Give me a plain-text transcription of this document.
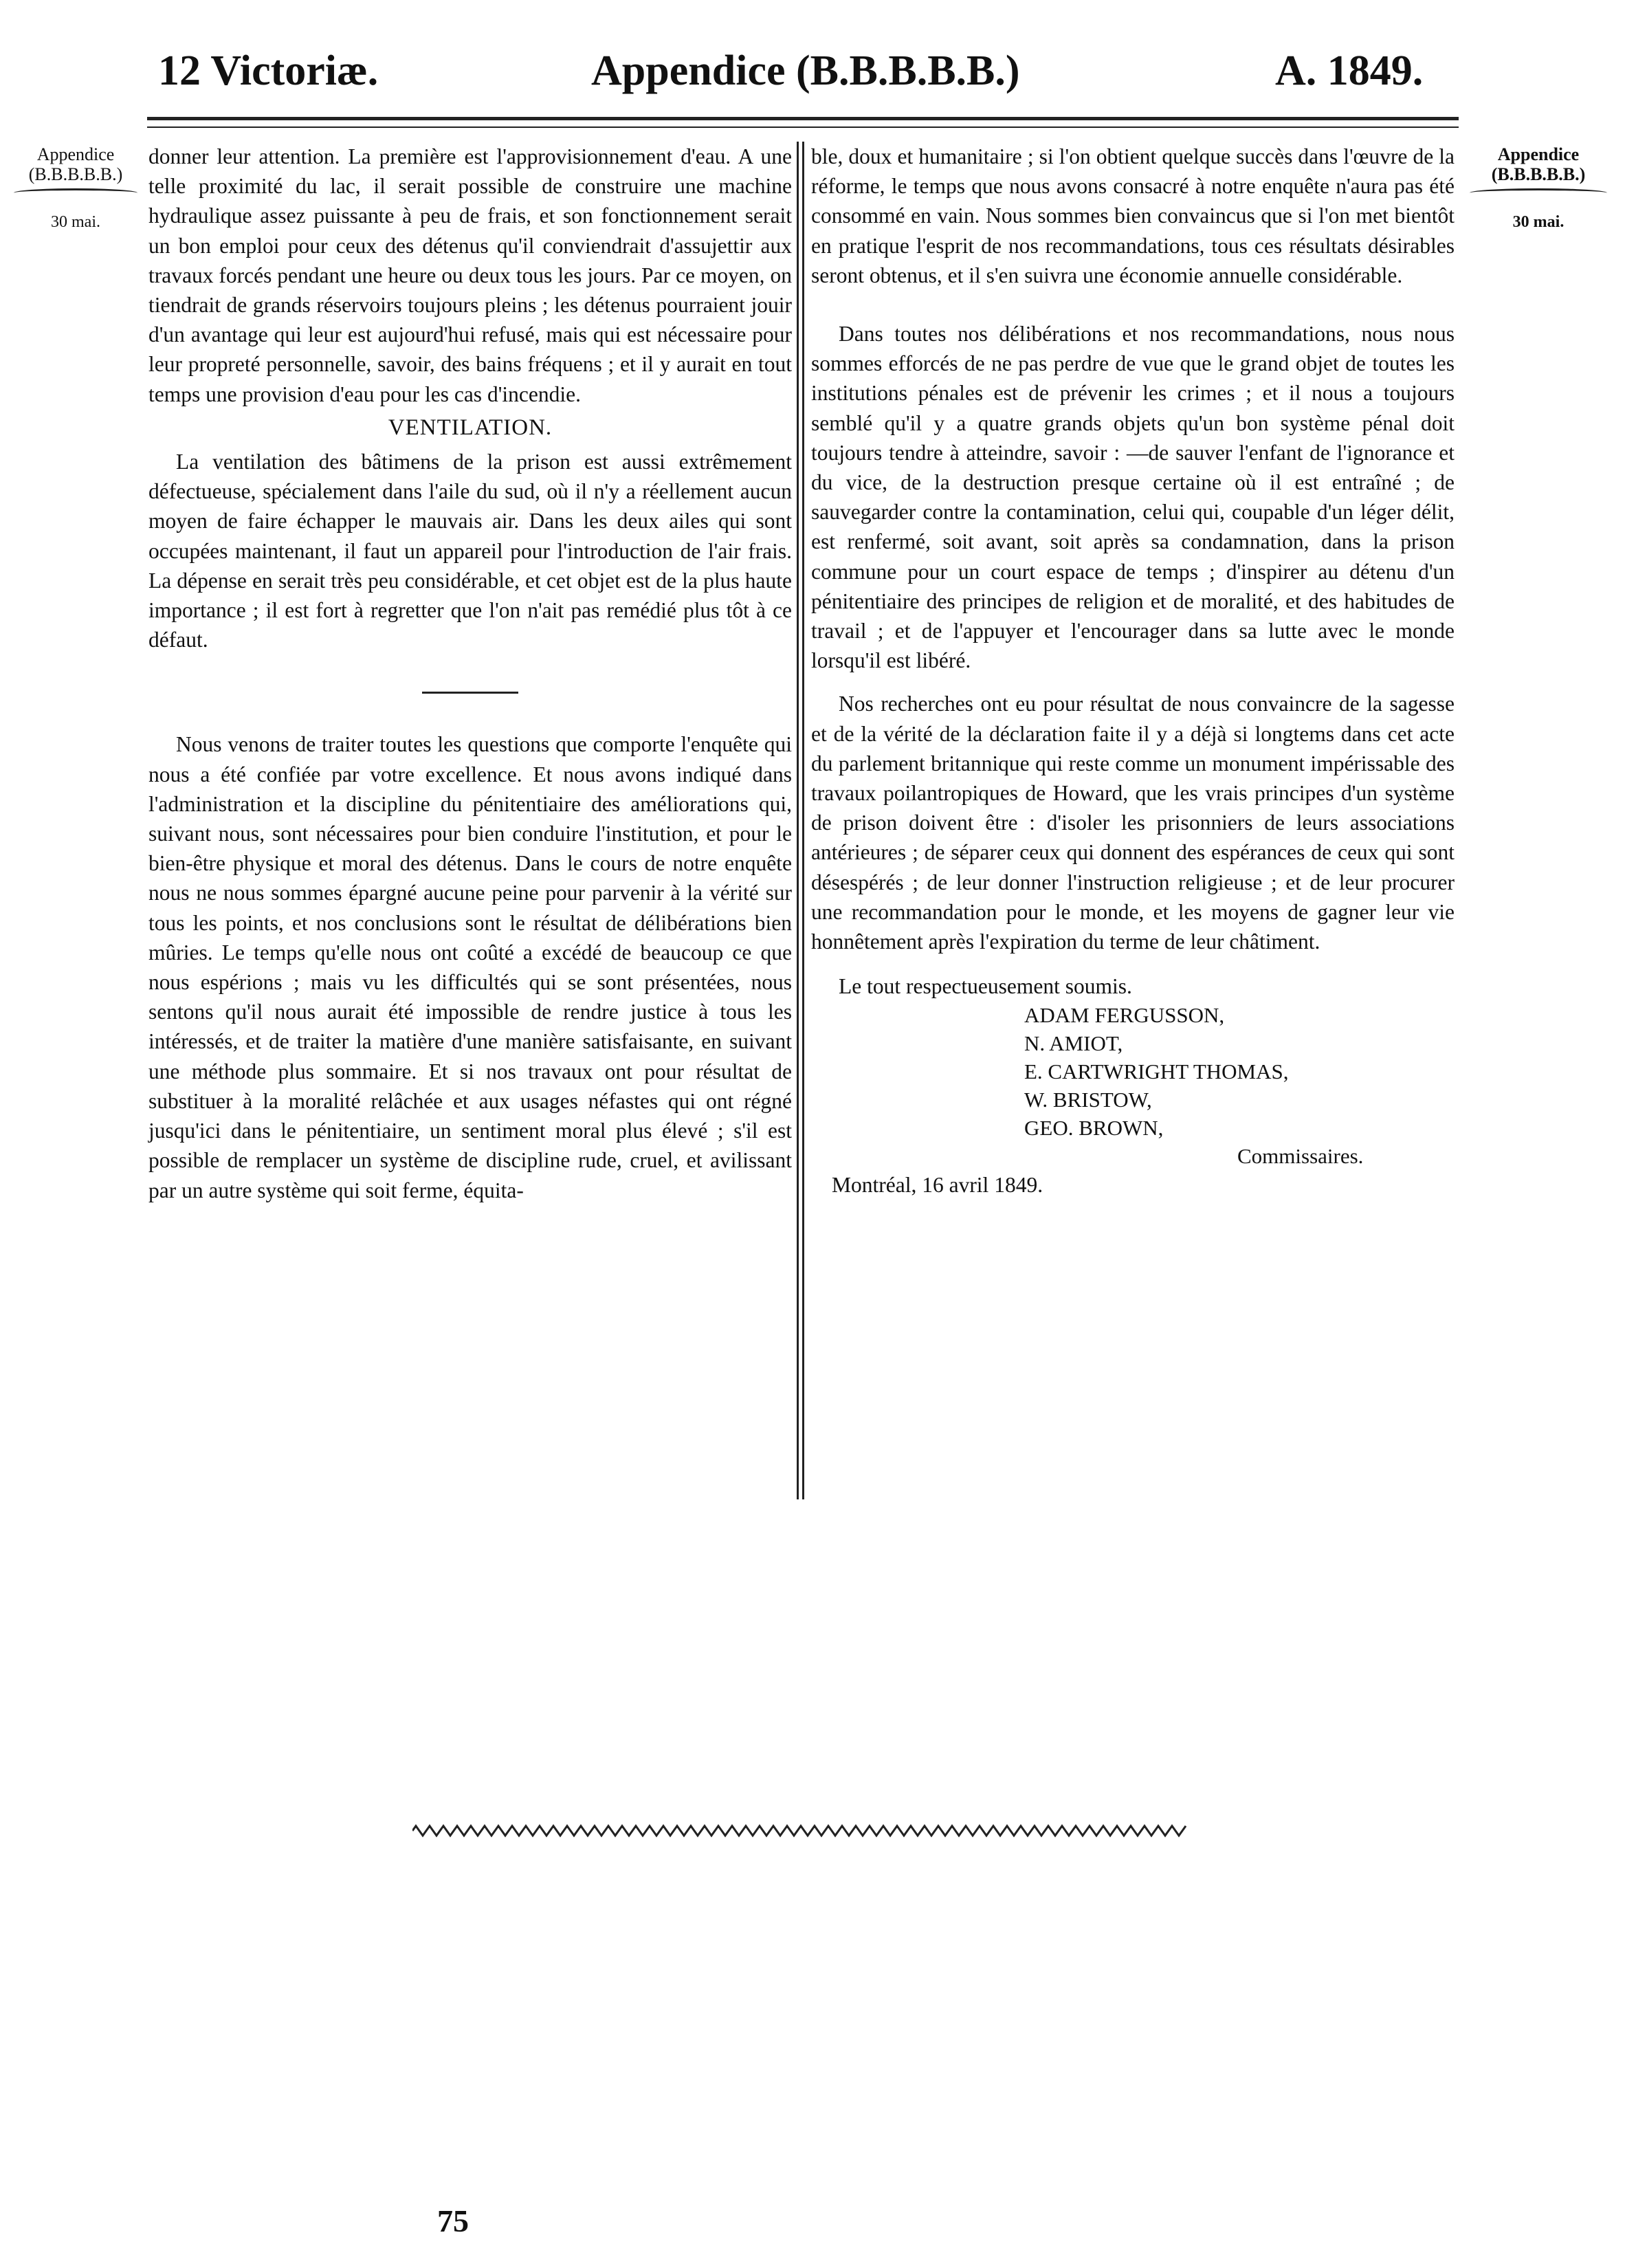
12 Victoriæ.	Appendice (B.B.B.B.B.)	A. 1849.
Appendice
(B.B.B.B.B.)
30 mai.
Appendice
(B.B.B.B.B.)
30 mai.

donner leur attention. La première est l'approvisionnement d'eau. A une telle proximité du lac, il serait possible de construire une machine hydraulique assez puissante à peu de frais, et son fonctionnement serait un bon emploi pour ceux des détenus qu'il conviendrait d'assujettir aux travaux forcés pendant une heure ou deux tous les jours. Par ce moyen, on tiendrait de grands réservoirs toujours pleins ; les détenus pourraient jouir d'un avantage qui leur est aujourd'hui refusé, mais qui est nécessaire pour leur propreté personnelle, savoir, des bains fréquens ; et il y aurait en tout temps une provision d'eau pour les cas d'incendie.

VENTILATION.

La ventilation des bâtimens de la prison est aussi extrêmement défectueuse, spécialement dans l'aile du sud, où il n'y a réellement aucun moyen de faire échapper le mauvais air. Dans les deux ailes qui sont occupées maintenant, il faut un appareil pour l'introduction de l'air frais. La dépense en serait très peu considérable, et cet objet est de la plus haute importance ; il est fort à regretter que l'on n'ait pas remédié plus tôt à ce défaut.

Nous venons de traiter toutes les questions que comporte l'enquête qui nous a été confiée par votre excellence. Et nous avons indiqué dans l'administration et la discipline du pénitentiaire des améliorations qui, suivant nous, sont nécessaires pour bien conduire l'institution, et pour le bien-être physique et moral des détenus. Dans le cours de notre enquête nous ne nous sommes épargné aucune peine pour parvenir à la vérité sur tous les points, et nos conclusions sont le résultat de délibérations bien mûries. Le temps qu'elle nous ont coûté a excédé de beaucoup ce que nous espérions ; mais vu les difficultés qui se sont présentées, nous sentons qu'il nous aurait été impossible de rendre justice à tous les intéressés, et de traiter la matière d'une manière satisfaisante, en suivant une méthode plus sommaire. Et si nos travaux ont pour résultat de substituer à la moralité relâchée et aux usages néfastes qui ont régné jusqu'ici dans le pénitentiaire, un sentiment moral plus élevé ; s'il est possible de remplacer un système de discipline rude, cruel, et avilissant par un autre système qui soit ferme, équita-

ble, doux et humanitaire ; si l'on obtient quelque succès dans l'œuvre de la réforme, le temps que nous avons consacré à notre enquête n'aura pas été consommé en vain. Nous sommes bien convaincus que si l'on met bientôt en pratique l'esprit de nos recommandations, tous ces résultats désirables seront obtenus, et il s'en suivra une économie annuelle considérable.

Dans toutes nos délibérations et nos recommandations, nous nous sommes efforcés de ne pas perdre de vue que le grand objet de toutes les institutions pénales est de prévenir les crimes ; et il nous a toujours semblé qu'il y a quatre grands objets qu'un bon système pénal doit toujours tendre à atteindre, savoir : —de sauver l'enfant de l'ignorance et du vice, de la destruction presque certaine où il est entraîné ; de sauvegarder contre la contamination, celui qui, coupable d'un léger délit, est renfermé, soit avant, soit après sa condamnation, dans la prison commune pour un court espace de temps ; d'inspirer au détenu d'un pénitentiaire des principes de religion et de moralité, et des habitudes de travail ; et de l'appuyer et l'encourager dans sa lutte avec le monde lorsqu'il est libéré.

Nos recherches ont eu pour résultat de nous convaincre de la sagesse et de la vérité de la déclaration faite il y a déjà si longtems dans cet acte du parlement britannique qui reste comme un monument impérissable des travaux poilantropiques de Howard, que les vrais principes d'un système de prison doivent être : d'isoler les prisonniers de leurs associations antérieures ; de séparer ceux qui donnent des espérances de ceux qui sont désespérés ; de leur donner l'instruction religieuse ; et de leur procurer une recommandation pour le monde, et les moyens de gagner leur vie honnêtement après l'expiration du terme de leur châtiment.

Le tout respectueusement soumis.

ADAM FERGUSSON,
N. AMIOT,
E. CARTWRIGHT THOMAS,
W. BRISTOW,
GEO. BROWN,
Commissaires.

Montréal, 16 avril 1849.

75
